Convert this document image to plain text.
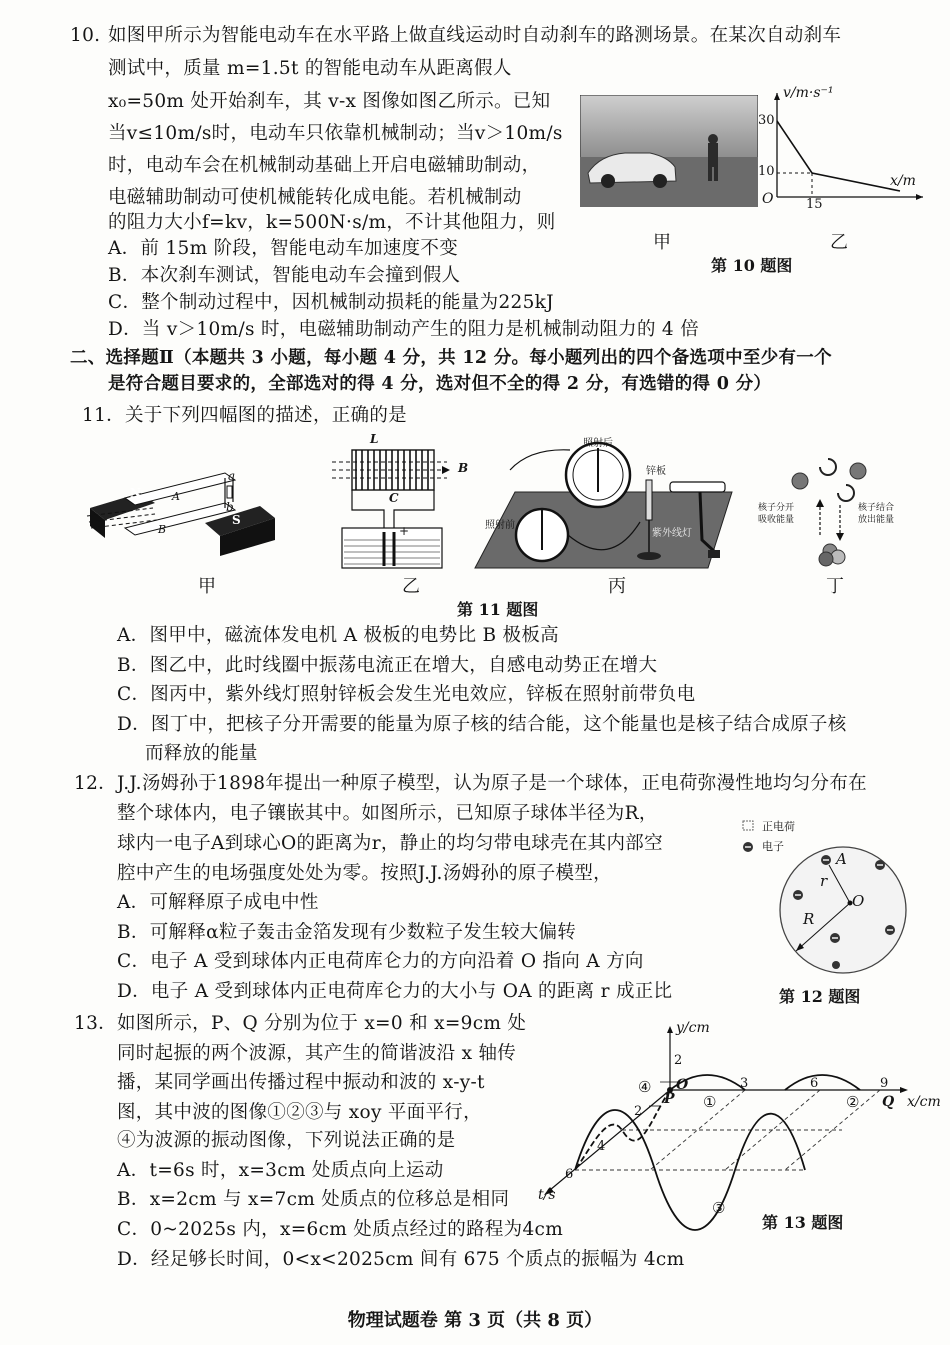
10. 如图甲所示为智能电动车在水平路上做直线运动时自动刹车的路测场景。在某次自动刹车
测试中，质量 m=1.5t 的智能电动车从距离假人
x₀=50m 处开始刹车，其 v-x 图像如图乙所示。已知
当v≤10m/s时，电动车只依靠机械制动；当v＞10m/s
时，电动车会在机械制动基础上开启电磁辅助制动，
电磁辅助制动可使机械能转化成电能。若机械制动
的阻力大小f=kv，k=500N·s/m，不计其他阻力，则
A．前 15m 阶段，智能电动车加速度不变
B．本次刹车测试，智能电动车会撞到假人
C．整个制动过程中，因机械制动损耗的能量为225kJ
D．当 v＞10m/s 时，电磁辅助制动产生的阻力是机械制动阻力的 4 倍
甲
v/m·s⁻¹
x/m
30
10
15
O
乙
第 10 题图
二、选择题Ⅱ（本题共 3 小题，每小题 4 分，共 12 分。每小题列出的四个备选项中至少有一个
是符合题目要求的，全部选对的得 4 分，选对但不全的得 2 分，有选错的得 0 分）
11．关于下列四幅图的描述，正确的是
N
S
A
B
a
b
甲
L
B
C
+
乙
照射后
照射前
锌板
紫外线灯
丙
核子分开吸收能量
核子结合放出能量
丁
第 11 题图
A．图甲中，磁流体发电机 A 极板的电势比 B 极板高
B．图乙中，此时线圈中振荡电流正在增大，自感电动势正在增大
C．图丙中，紫外线灯照射锌板会发生光电效应，锌板在照射前带负电
D．图丁中，把核子分开需要的能量为原子核的结合能，这个能量也是核子结合成原子核
而释放的能量
12．J.J.汤姆孙于1898年提出一种原子模型，认为原子是一个球体，正电荷弥漫性地均匀分布在
整个球体内，电子镶嵌其中。如图所示，已知原子球体半径为R，
球内一电子A到球心O的距离为r，静止的均匀带电球壳在其内部空
腔中产生的电场强度处处为零。按照J.J.汤姆孙的原子模型，
A．可解释原子成电中性
B．可解释α粒子轰击金箔发现有少数粒子发生较大偏转
C．电子 A 受到球体内正电荷库仑力的方向沿着 O 指向 A 方向
D．电子 A 受到球体内正电荷库仑力的大小与 OA 的距离 r 成正比
正电荷
电子
A
O
r
R
第 12 题图
13．如图所示，P、Q 分别为位于 x=0 和 x=9cm 处
同时起振的两个波源，其产生的简谐波沿 x 轴传
播，某同学画出传播过程中振动和波的 x-y-t
图，其中波的图像①②③与 xoy 平面平行，
④为波源的振动图像，下列说法正确的是
A．t=6s 时，x=3cm 处质点向上运动
B．x=2cm 与 x=7cm 处质点的位移总是相同
C．0~2025s 内，x=6cm 处质点经过的路程为4cm
D．经足够长时间，0<x<2025cm 间有 675 个质点的振幅为 4cm
y/cm
x/cm
t/s
O
P	Q
2
3	6	9
2
4
6
①	②
③
④
第 13 题图
物理试题卷 第 3 页（共 8 页）
